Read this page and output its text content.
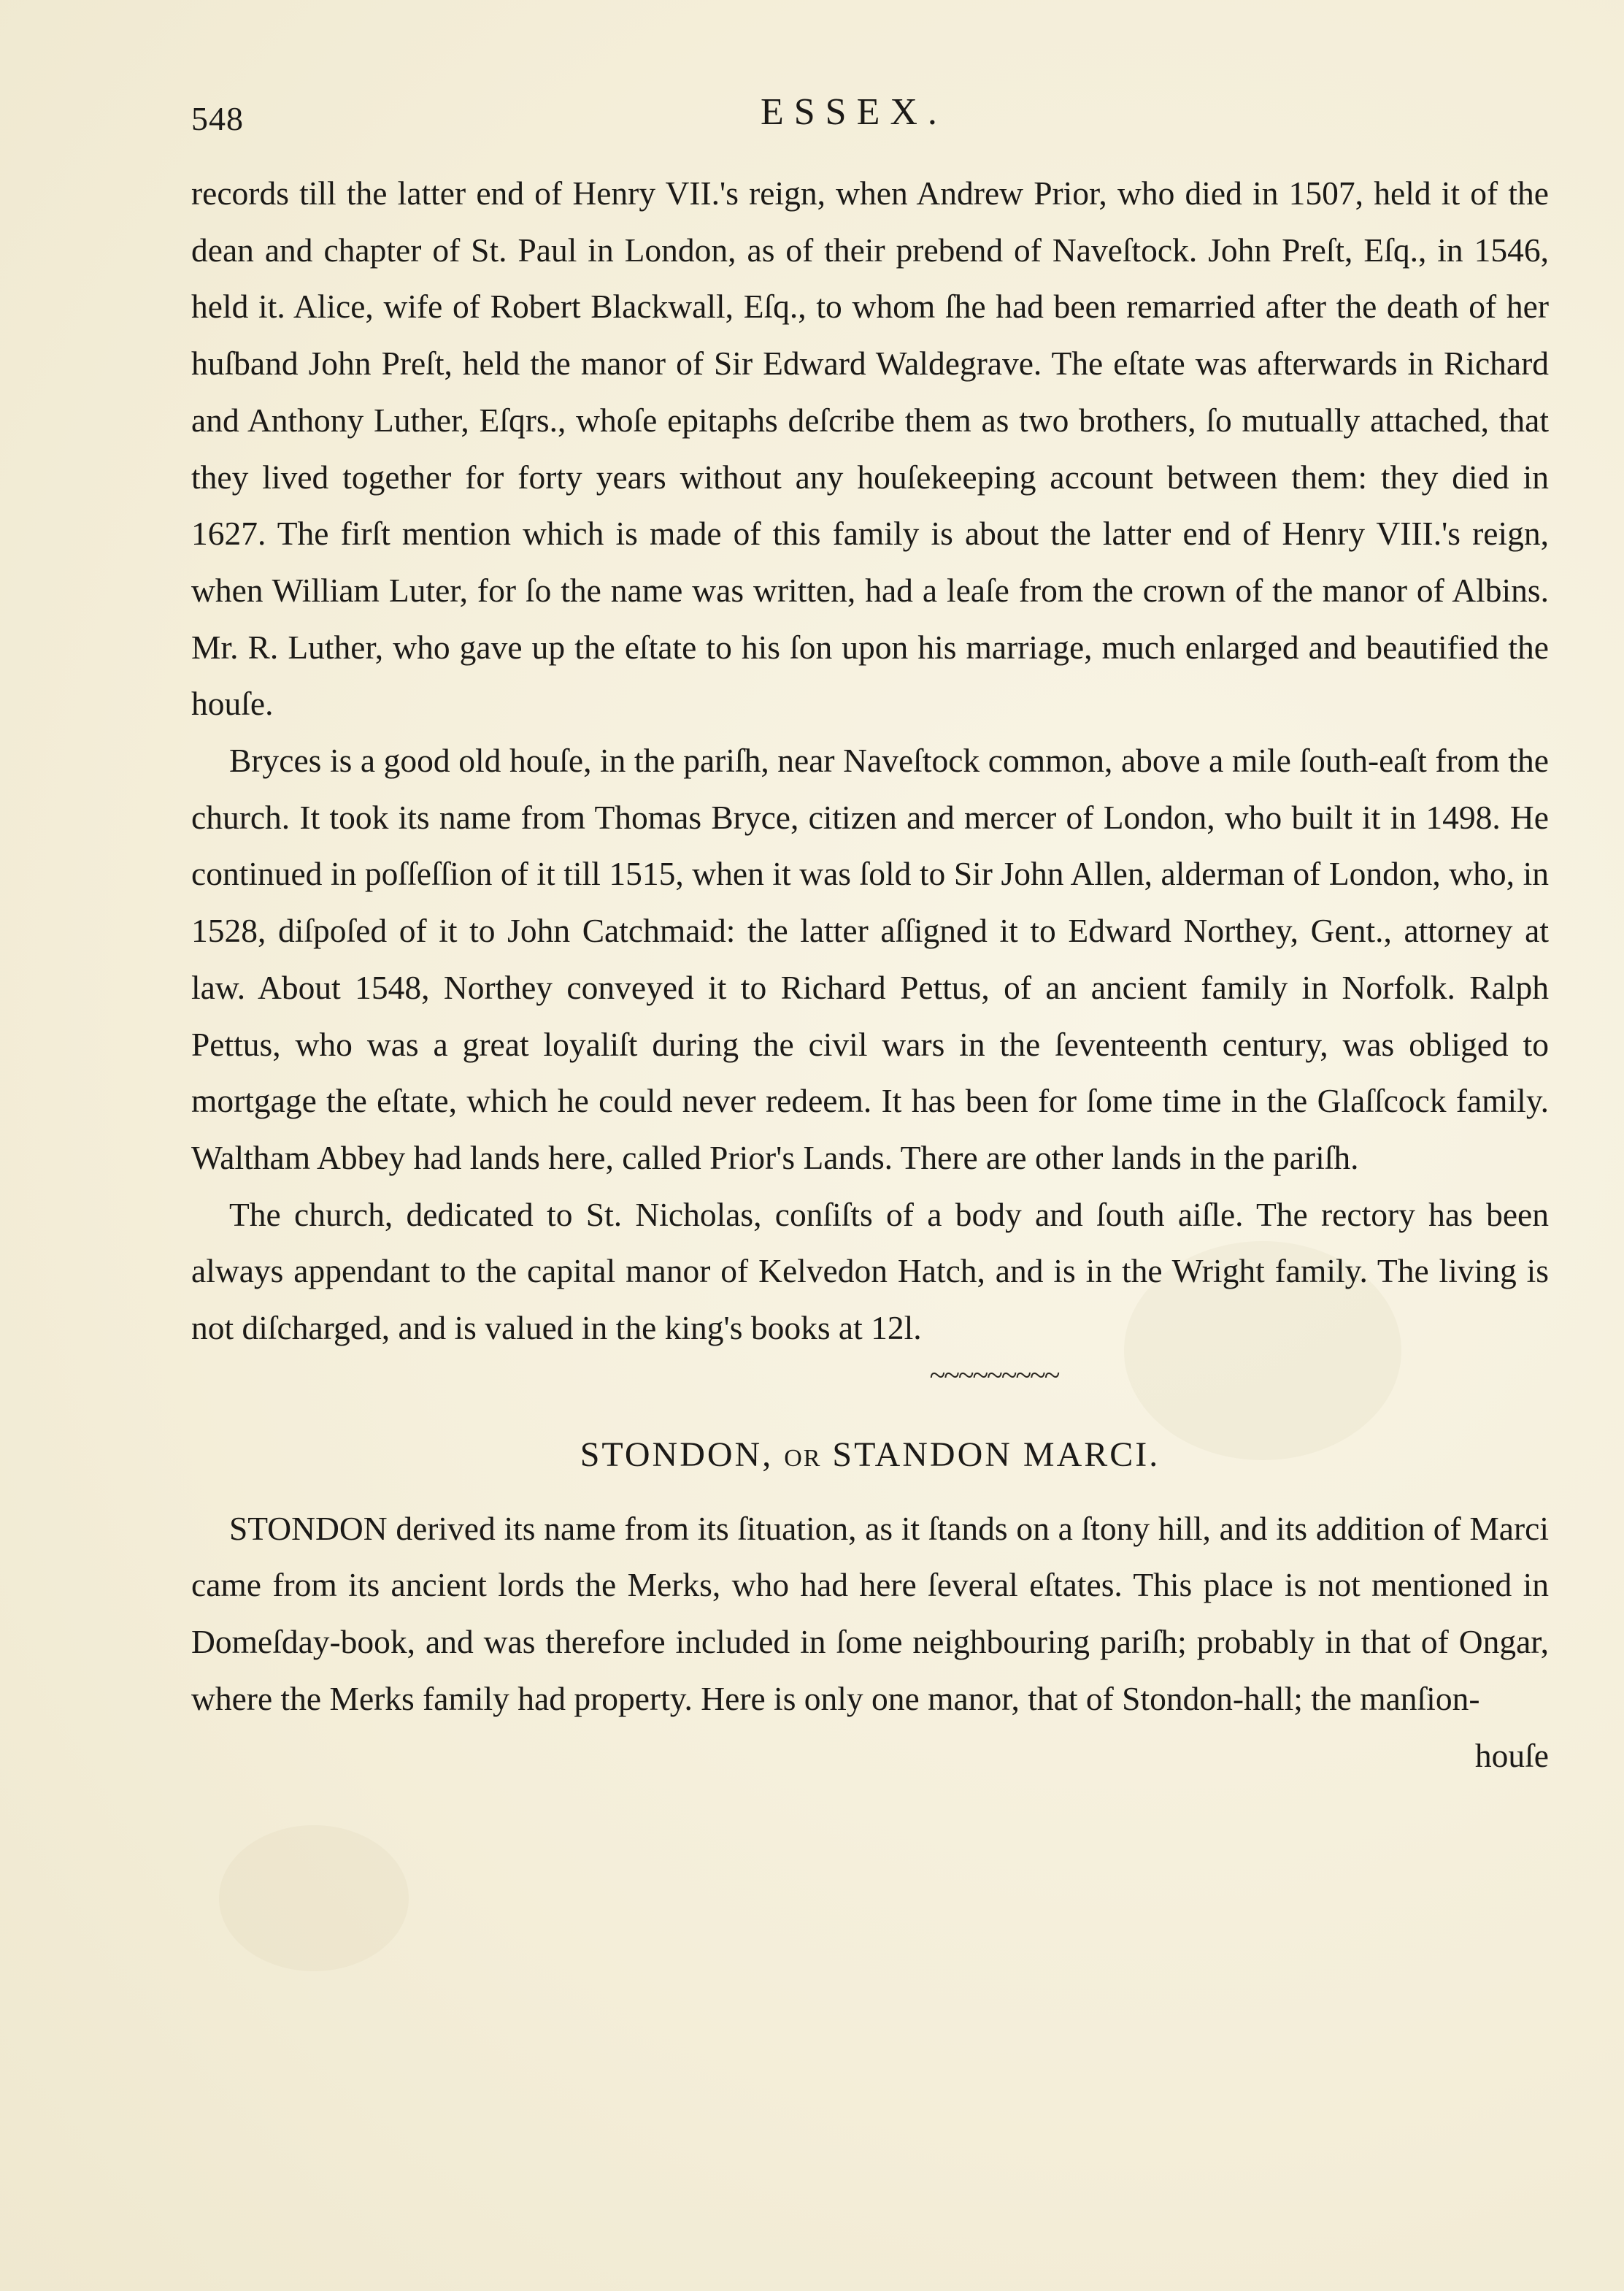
548	ESSEX.

records till the latter end of Henry VII.'s reign, when Andrew Prior, who died in 1507, held it of the dean and chapter of St. Paul in London, as of their prebend of Naveſtock. John Preſt, Eſq., in 1546, held it. Alice, wife of Robert Blackwall, Eſq., to whom ſhe had been remarried after the death of her huſband John Preſt, held the manor of Sir Edward Waldegrave. The eſtate was afterwards in Richard and Anthony Luther, Eſqrs., whoſe epitaphs deſcribe them as two brothers, ſo mutually attached, that they lived together for forty years without any houſekeeping account between them: they died in 1627. The firſt mention which is made of this family is about the latter end of Henry VIII.'s reign, when William Luter, for ſo the name was written, had a leaſe from the crown of the manor of Albins. Mr. R. Luther, who gave up the eſtate to his ſon upon his marriage, much enlarged and beautified the houſe.

Bryces is a good old houſe, in the pariſh, near Naveſtock common, above a mile ſouth-eaſt from the church. It took its name from Thomas Bryce, citizen and mercer of London, who built it in 1498. He continued in poſſeſſion of it till 1515, when it was ſold to Sir John Allen, alderman of London, who, in 1528, diſpoſed of it to John Catchmaid: the latter aſſigned it to Edward Northey, Gent., attorney at law. About 1548, Northey conveyed it to Richard Pettus, of an ancient family in Norfolk. Ralph Pettus, who was a great loyaliſt during the civil wars in the ſeventeenth century, was obliged to mortgage the eſtate, which he could never redeem. It has been for ſome time in the Glaſſcock family. Waltham Abbey had lands here, called Prior's Lands. There are other lands in the pariſh.

The church, dedicated to St. Nicholas, conſiſts of a body and ſouth aiſle. The rectory has been always appendant to the capital manor of Kelvedon Hatch, and is in the Wright family. The living is not diſcharged, and is valued in the king's books at 12l.

~~~~~~~~~
STONDON, OR STANDON MARCI.

STONDON derived its name from its ſituation, as it ſtands on a ſtony hill, and its addition of Marci came from its ancient lords the Merks, who had here ſeveral eſtates. This place is not mentioned in Domeſday-book, and was therefore included in ſome neighbouring pariſh; probably in that of Ongar, where the Merks family had property. Here is only one manor, that of Stondon-hall; the manſion-

houſe
